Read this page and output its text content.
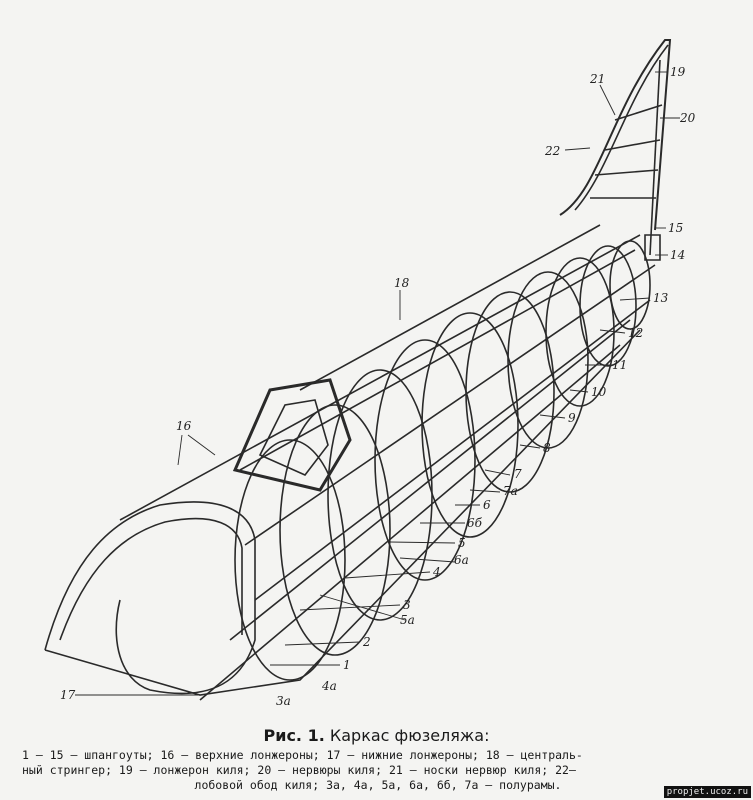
1
2
3
3а
4
4а
5
5а
6
6а
6б
7
7а
8
9
10
11
12
13
14
15
16
17
18
19
20
21
22
Рис. 1. Каркас фюзеляжа:
1 — 15 — шпангоуты; 16 — верхние лонжероны; 17 — нижние лонжероны; 18 — централь-
ный стрингер; 19 — лонжерон киля; 20 — нервюры киля; 21 — носки нервюр киля; 22—
лобовой обод киля; 3а, 4а, 5а, 6а, 6б, 7а — полурамы.	propjet.ucoz.ru
